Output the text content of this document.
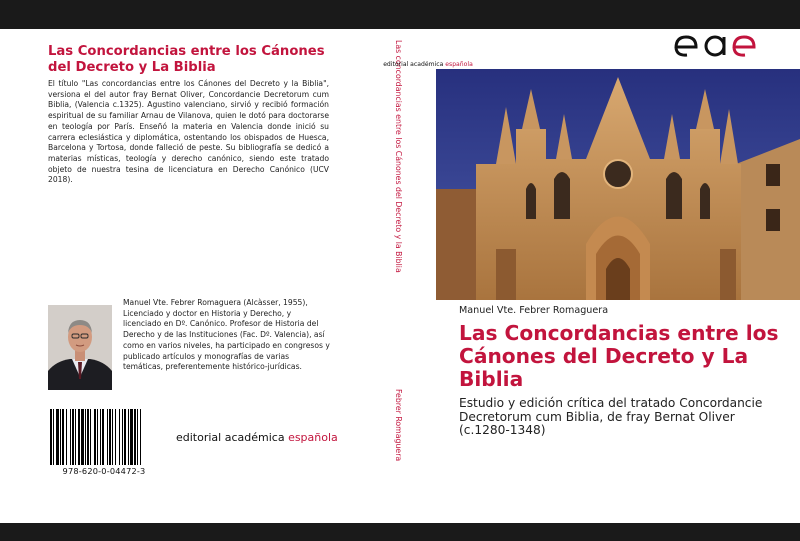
Las Concordancias entre los Cánones del Decreto y La Biblia
El título "Las concordancias entre los Cánones del Decreto y la Biblia", versiona el del autor fray Bernat Oliver, Concordancie Decretorum cum Biblia, (Valencia c.1325). Agustino valenciano, sirvió y recibió formación espiritual de su familiar Arnau de Vilanova, quien le dotó para doctorarse en teología por París. Enseñó la materia en Valencia donde inició su carrera eclesiástica y diplomática, ostentando los obispados de Huesca, Barcelona y Tortosa, donde falleció de peste. Su bibliografía se dedicó a materias místicas, teología y derecho canónico, siendo este tratado objeto de nuestra tesina de licenciatura en Derecho Canónico (UCV 2018).
Manuel Vte. Febrer Romaguera (Alcàsser, 1955), Licenciado y doctor en Historia y Derecho, y licenciado en Dº. Canónico. Profesor de Historia del Derecho y de las Instituciones (Fac. Dº. Valencia), así como en varios niveles, ha participado en congresos y publicado artículos y monografías de varias temáticas, preferentemente histórico-jurídicas.
978-620-0-04472-3
editorial académica española
Las concordancias entre los Cánones del Decreto y la Biblia
Febrer Romaguera
editorial académica española
Manuel Vte. Febrer Romaguera
Las Concordancias entre los Cánones del Decreto y La Biblia
Estudio y edición crítica del tratado Concordancie Decretorum cum Biblia, de fray Bernat Oliver (c.1280-1348)
